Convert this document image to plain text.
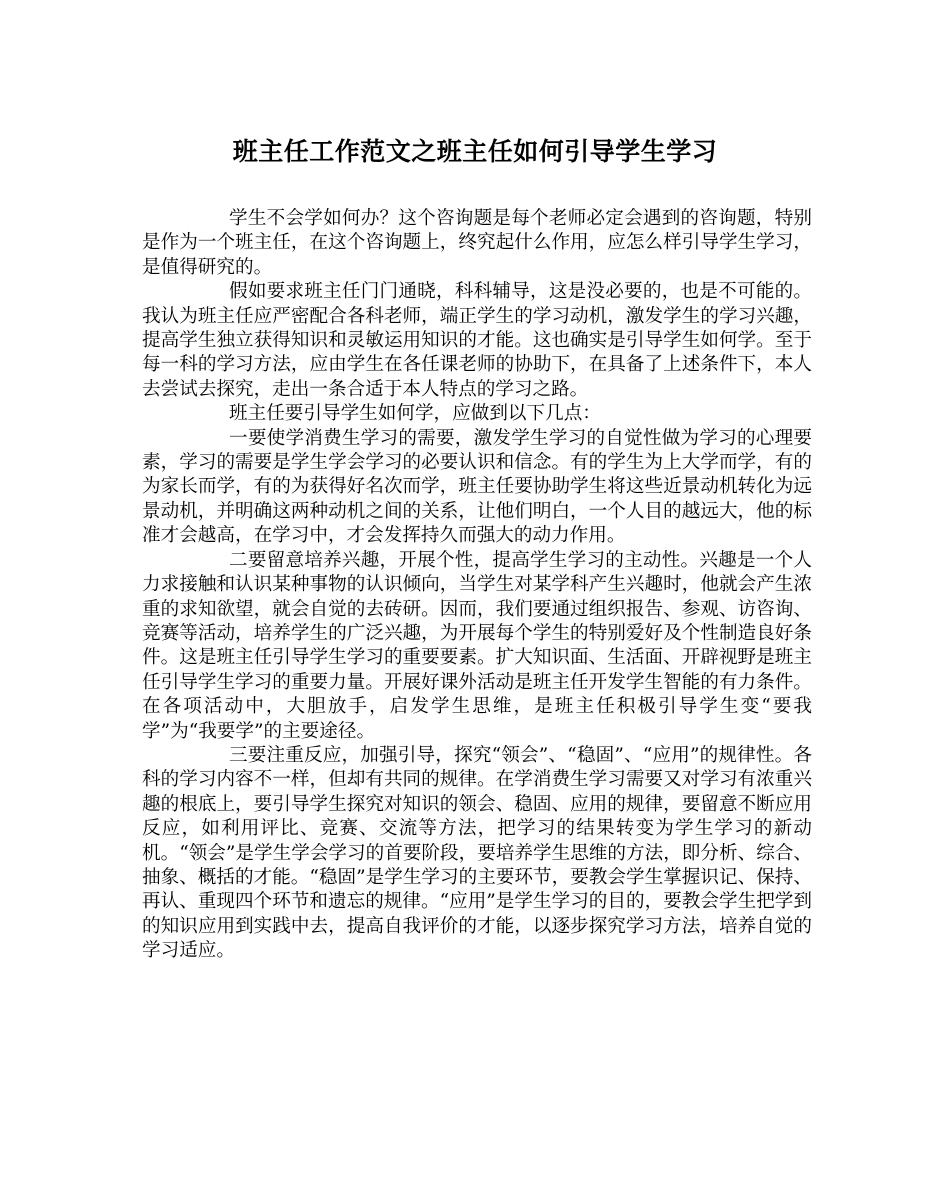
班主任工作范文之班主任如何引导学生学习

学生不会学如何办？这个咨询题是每个老师必定会遇到的咨询题，特别是作为一个班主任，在这个咨询题上，终究起什么作用，应怎么样引导学生学习，是值得研究的。

假如要求班主任门门通晓，科科辅导，这是没必要的，也是不可能的。我认为班主任应严密配合各科老师，端正学生的学习动机，激发学生的学习兴趣，提高学生独立获得知识和灵敏运用知识的才能。这也确实是引导学生如何学。至于每一科的学习方法，应由学生在各任课老师的协助下，在具备了上述条件下，本人去尝试去探究，走出一条合适于本人特点的学习之路。

班主任要引导学生如何学，应做到以下几点：

一要使学消费生学习的需要，激发学生学习的自觉性做为学习的心理要素，学习的需要是学生学会学习的必要认识和信念。有的学生为上大学而学，有的为家长而学，有的为获得好名次而学，班主任要协助学生将这些近景动机转化为远景动机，并明确这两种动机之间的关系，让他们明白，一个人目的越远大，他的标准才会越高，在学习中，才会发挥持久而强大的动力作用。

二要留意培养兴趣，开展个性，提高学生学习的主动性。兴趣是一个人力求接触和认识某种事物的认识倾向，当学生对某学科产生兴趣时，他就会产生浓重的求知欲望，就会自觉的去砖研。因而，我们要通过组织报告、参观、访咨询、竞赛等活动，培养学生的广泛兴趣，为开展每个学生的特别爱好及个性制造良好条件。这是班主任引导学生学习的重要要素。扩大知识面、生活面、开辟视野是班主任引导学生学习的重要力量。开展好课外活动是班主任开发学生智能的有力条件。在各项活动中，大胆放手，启发学生思维，是班主任积极引导学生变“要我学”为“我要学”的主要途径。

三要注重反应，加强引导，探究“领会”、“稳固”、“应用”的规律性。各科的学习内容不一样，但却有共同的规律。在学消费生学习需要又对学习有浓重兴趣的根底上，要引导学生探究对知识的领会、稳固、应用的规律，要留意不断应用反应，如利用评比、竞赛、交流等方法，把学习的结果转变为学生学习的新动机。“领会”是学生学会学习的首要阶段，要培养学生思维的方法，即分析、综合、抽象、概括的才能。“稳固”是学生学习的主要环节，要教会学生掌握识记、保持、再认、重现四个环节和遗忘的规律。“应用”是学生学习的目的，要教会学生把学到的知识应用到实践中去，提高自我评价的才能，以逐步探究学习方法，培养自觉的学习适应。
